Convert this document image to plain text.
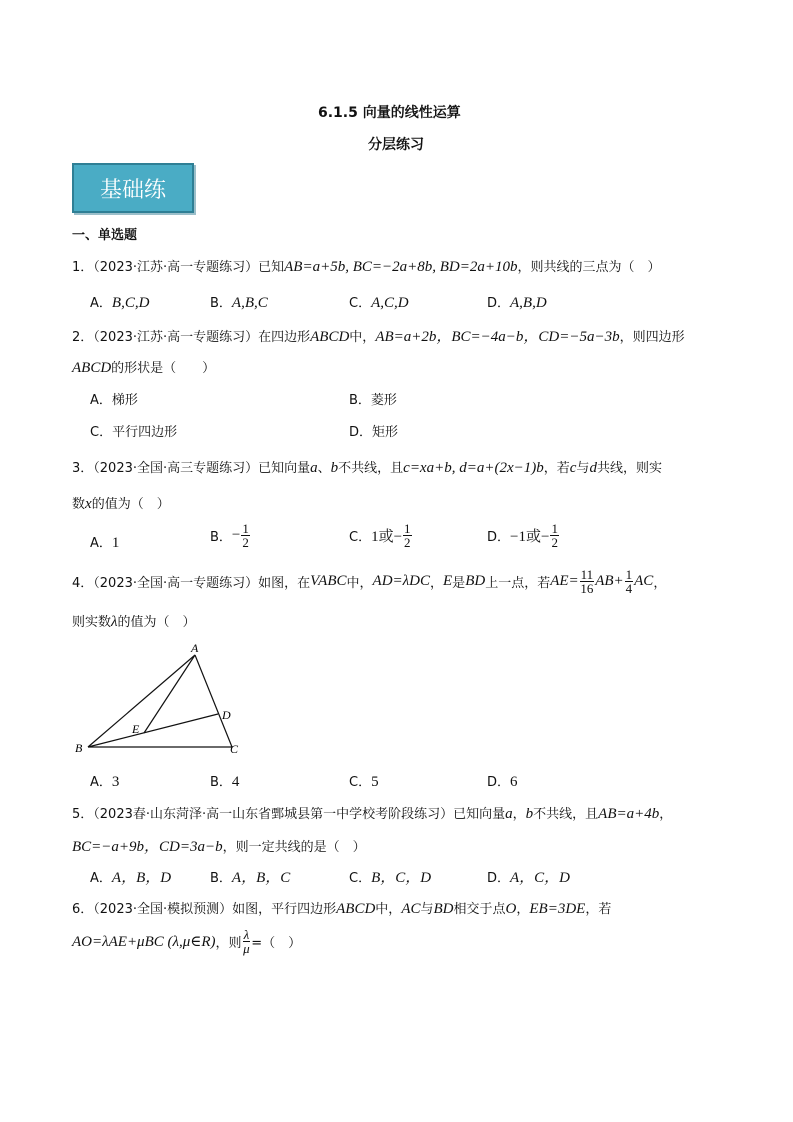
6.1.5 向量的线性运算
分层练习
基础练
一、单选题
1．（2023·江苏·高一专题练习）已知AB=a+5b, BC=−2a+8b, BD=2a+10b，则共线的三点为（　）
A．B,C,D	B．A,B,C	C．A,C,D	D．A,B,D
2．（2023·江苏·高一专题练习）在四边形ABCD中，AB=a+2b，BC=−4a−b，CD=−5a−3b，则四边形
ABCD的形状是（　　）
A．梯形	B．菱形
C．平行四边形	D．矩形
3．（2023·全国·高三专题练习）已知向量a、b不共线，且c=xa+b, d=a+(2x−1)b，若c与d共线，则实
数x的值为（　）
A．1	B．− $\frac{1}{2}$	C．1或− $\frac{1}{2}$	D．−1或− $\frac{1}{2}$
4．（2023·全国·高一专题练习）如图，在VABC中，AD=λDC，E是BD上一点，若$AE= \frac{11}{16} AB+ \frac{1}{4}$ AC，
则实数λ的值为（　）
A
B	C
D
E
A．3	B．4	C．5	D．6
5．（2023春·山东菏泽·高一山东省鄄城县第一中学校考阶段练习）已知向量a，b不共线，且AB=a+4b，
BC=−a+9b，CD=3a−b，则一定共线的是（　）
A．A，B，D	B．A，B，C	C．B，C，D	D．A，C，D
6．（2023·全国·模拟预测）如图，平行四边形ABCD中，AC与BD相交于点O，EB=3DE，若
AO=λAE+μBC (λ,μ∈R)，则 $\frac{\lambda}{\mu}$ =（　）
